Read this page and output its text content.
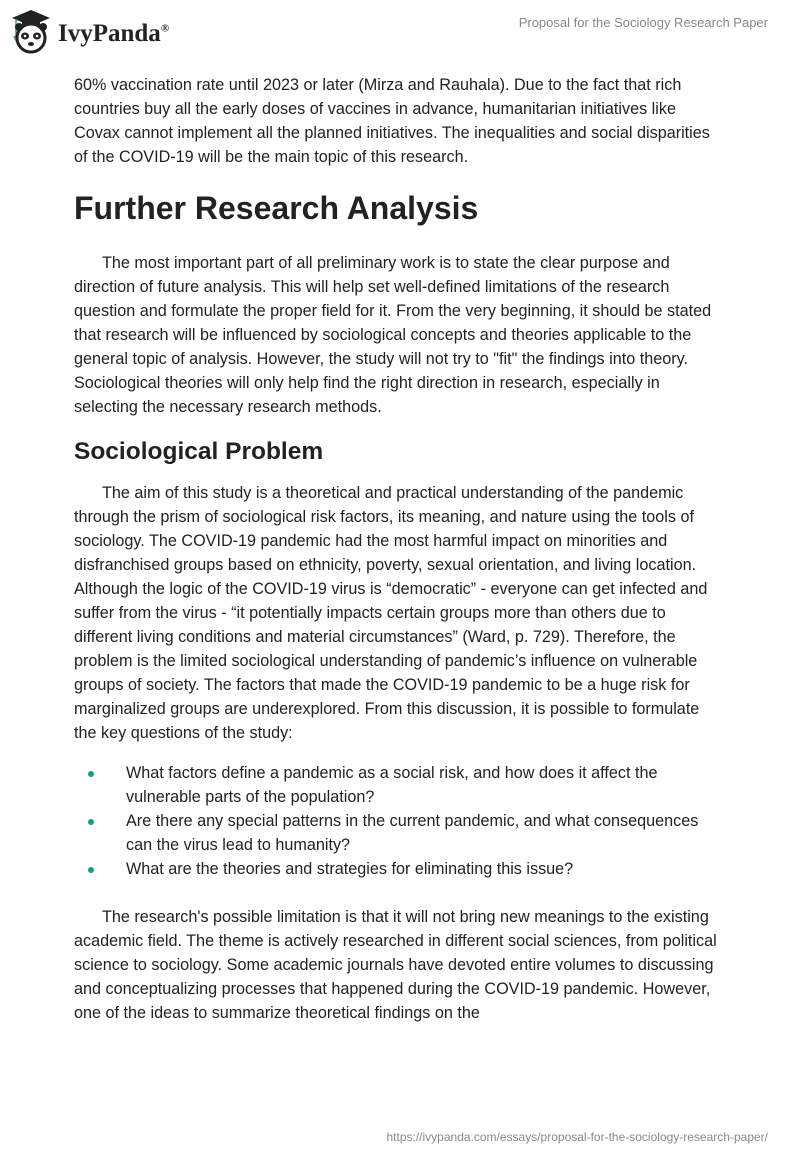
IvyPanda®	Proposal for the Sociology Research Paper

60% vaccination rate until 2023 or later (Mirza and Rauhala). Due to the fact that rich countries buy all the early doses of vaccines in advance, humanitarian initiatives like Covax cannot implement all the planned initiatives. The inequalities and social disparities of the COVID-19 will be the main topic of this research.

Further Research Analysis

The most important part of all preliminary work is to state the clear purpose and direction of future analysis. This will help set well-defined limitations of the research question and formulate the proper field for it. From the very beginning, it should be stated that research will be influenced by sociological concepts and theories applicable to the general topic of analysis. However, the study will not try to "fit" the findings into theory. Sociological theories will only help find the right direction in research, especially in selecting the necessary research methods.

Sociological Problem

The aim of this study is a theoretical and practical understanding of the pandemic through the prism of sociological risk factors, its meaning, and nature using the tools of sociology. The COVID-19 pandemic had the most harmful impact on minorities and disfranchised groups based on ethnicity, poverty, sexual orientation, and living location. Although the logic of the COVID-19 virus is “democratic” - everyone can get infected and suffer from the virus - “it potentially impacts certain groups more than others due to different living conditions and material circumstances” (Ward, p. 729). Therefore, the problem is the limited sociological understanding of pandemic’s influence on vulnerable groups of society. The factors that made the COVID-19 pandemic to be a huge risk for marginalized groups are underexplored. From this discussion, it is possible to formulate the key questions of the study:

What factors define a pandemic as a social risk, and how does it affect the vulnerable parts of the population?
Are there any special patterns in the current pandemic, and what consequences can the virus lead to humanity?
What are the theories and strategies for eliminating this issue?

The research's possible limitation is that it will not bring new meanings to the existing academic field. The theme is actively researched in different social sciences, from political science to sociology. Some academic journals have devoted entire volumes to discussing and conceptualizing processes that happened during the COVID-19 pandemic. However, one of the ideas to summarize theoretical findings on the

https://ivypanda.com/essays/proposal-for-the-sociology-research-paper/
